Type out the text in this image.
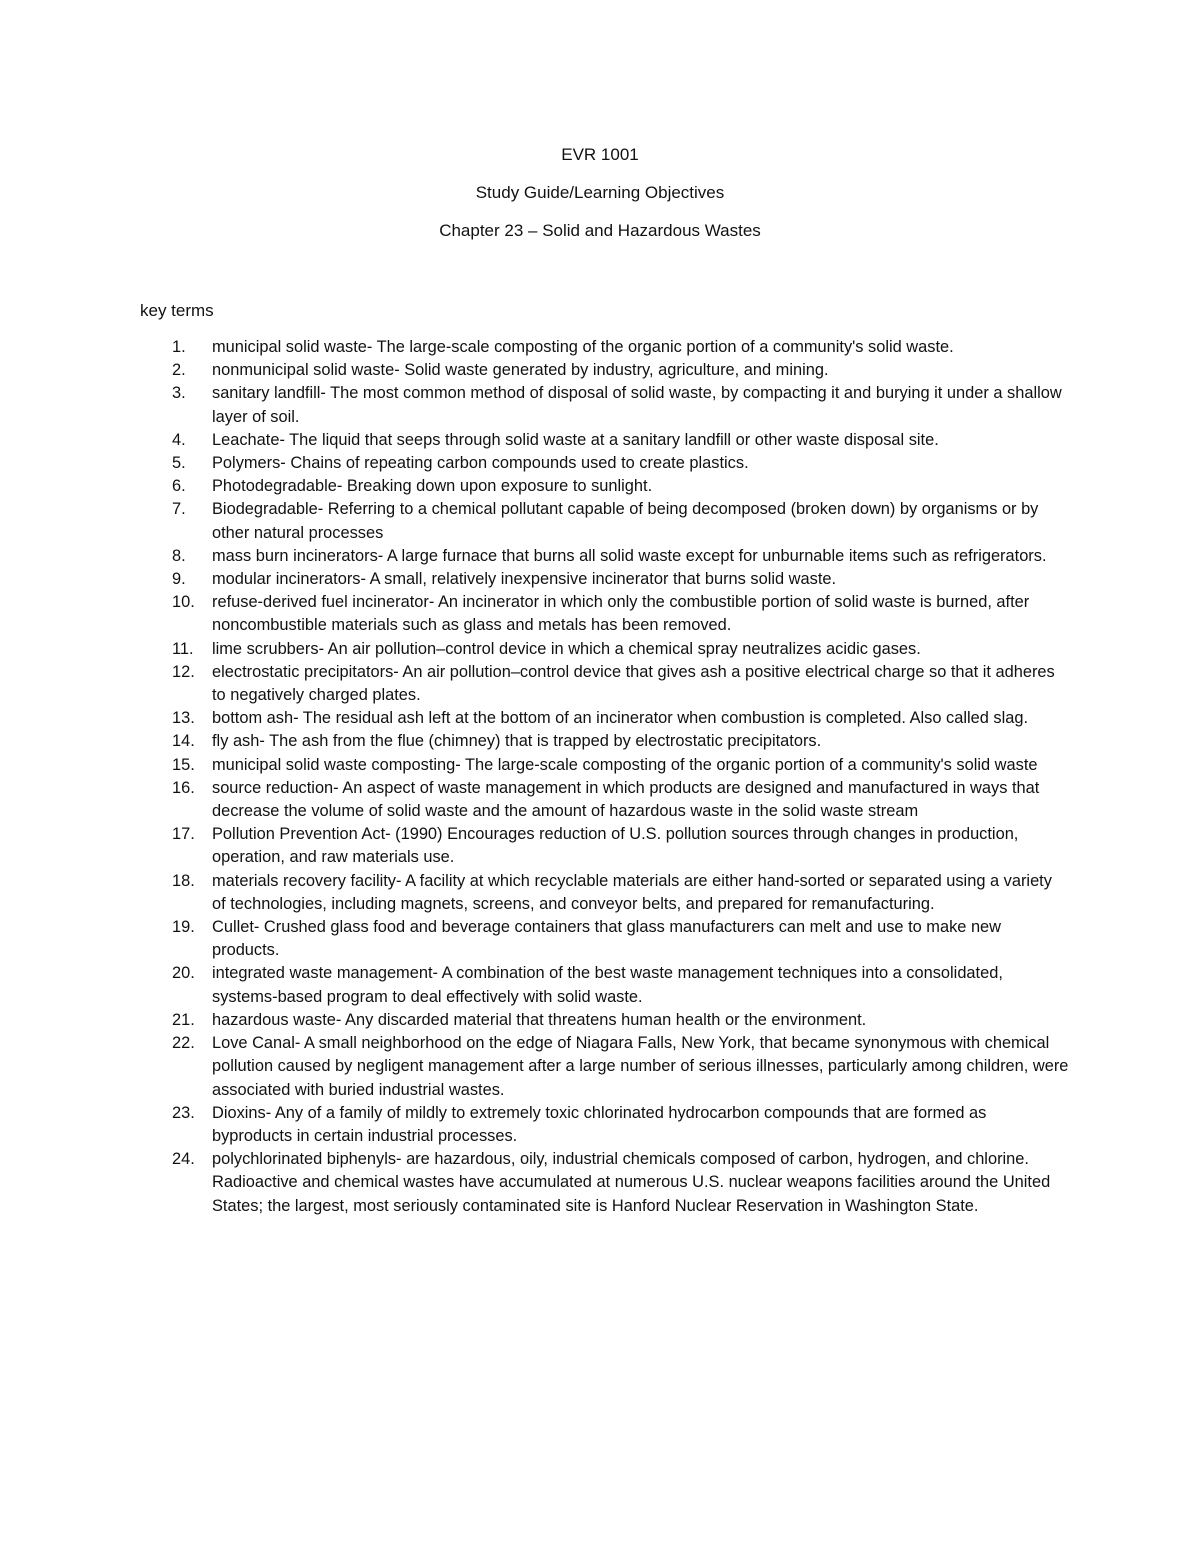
EVR 1001
Study Guide/Learning Objectives
Chapter 23 – Solid and Hazardous Wastes
key terms
1.	municipal solid waste- The large-scale composting of the organic portion of a community's solid waste.
2.	nonmunicipal solid waste- Solid waste generated by industry, agriculture, and mining.
3.	sanitary landfill- The most common method of disposal of solid waste, by compacting it and burying it under a shallow layer of soil.
4.	Leachate- The liquid that seeps through solid waste at a sanitary landfill or other waste disposal site.
5.	Polymers- Chains of repeating carbon compounds used to create plastics.
6.	Photodegradable- Breaking down upon exposure to sunlight.
7.	Biodegradable- Referring to a chemical pollutant capable of being decomposed (broken down) by organisms or by other natural processes
8.	mass burn incinerators- A large furnace that burns all solid waste except for unburnable items such as refrigerators.
9.	modular incinerators- A small, relatively inexpensive incinerator that burns solid waste.
10.	refuse-derived fuel incinerator- An incinerator in which only the combustible portion of solid waste is burned, after noncombustible materials such as glass and metals has been removed.
11.	lime scrubbers- An air pollution–control device in which a chemical spray neutralizes acidic gases.
12.	electrostatic precipitators- An air pollution–control device that gives ash a positive electrical charge so that it adheres to negatively charged plates.
13.	bottom ash- The residual ash left at the bottom of an incinerator when combustion is completed. Also called slag.
14.	fly ash- The ash from the flue (chimney) that is trapped by electrostatic precipitators.
15.	municipal solid waste composting- The large-scale composting of the organic portion of a community's solid waste
16.	source reduction- An aspect of waste management in which products are designed and manufactured in ways that decrease the volume of solid waste and the amount of hazardous waste in the solid waste stream
17.	Pollution Prevention Act- (1990) Encourages reduction of U.S. pollution sources through changes in production, operation, and raw materials use.
18.	materials recovery facility- A facility at which recyclable materials are either hand-sorted or separated using a variety of technologies, including magnets, screens, and conveyor belts, and prepared for remanufacturing.
19.	Cullet- Crushed glass food and beverage containers that glass manufacturers can melt and use to make new products.
20.	integrated waste management- A combination of the best waste management techniques into a consolidated, systems-based program to deal effectively with solid waste.
21.	hazardous waste- Any discarded material that threatens human health or the environment.
22.	Love Canal- A small neighborhood on the edge of Niagara Falls, New York, that became synonymous with chemical pollution caused by negligent management after a large number of serious illnesses, particularly among children, were associated with buried industrial wastes.
23.	Dioxins- Any of a family of mildly to extremely toxic chlorinated hydrocarbon compounds that are formed as byproducts in certain industrial processes.
24.	polychlorinated biphenyls- are hazardous, oily, industrial chemicals composed of carbon, hydrogen, and chlorine. Radioactive and chemical wastes have accumulated at numerous U.S. nuclear weapons facilities around the United States; the largest, most seriously contaminated site is Hanford Nuclear Reservation in Washington State.
